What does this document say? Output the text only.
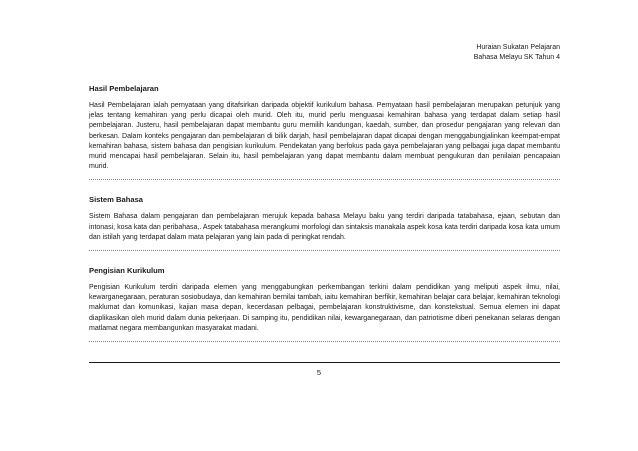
Huraian Sukatan Pelajaran
Bahasa Melayu SK Tahun 4
Hasil Pembelajaran

Hasil Pembelajaran ialah pernyataan yang ditafsirkan daripada objektif kurikulum bahasa. Pernyataan hasil pembelajaran merupakan petunjuk yang jelas tentang kemahiran yang perlu dicapai oleh murid. Oleh itu, murid perlu menguasai kemahiran bahasa yang terdapat dalam setiap hasil pembelajaran. Justeru, hasil pembelajaran dapat membantu guru memilih kandungan, kaedah, sumber, dan prosedur pengajaran yang relevan dan berkesan. Dalam konteks pengajaran dan pembelajaran di bilik darjah, hasil pembelajaran dapat dicapai dengan menggabungjalinkan keempat-empat kemahiran bahasa, sistem bahasa dan pengisian kurikulum. Pendekatan yang berfokus pada gaya pembelajaran yang pelbagai juga dapat membantu murid mencapai hasil pembelajaran. Selain itu, hasil pembelajaran yang dapat membantu dalam membuat pengukuran dan penilaian pencapaian murid.

Sistem Bahasa

Sistem Bahasa dalam pengajaran dan pembelajaran merujuk kepada bahasa Melayu baku yang terdiri daripada tatabahasa, ejaan, sebutan dan intonasi, kosa kata dan peribahasa,. Aspek tatabahasa merangkumi morfologi dan sintaksis manakala aspek kosa kata terdiri daripada kosa kata umum dan istilah yang terdapat dalam mata pelajaran yang lain pada di peringkat rendah.

Pengisian Kurikulum

Pengisian Kurikulum terdiri daripada elemen yang menggabungkan perkembangan terkini dalam pendidikan yang meliputi aspek ilmu, nilai, kewarganegaraan, peraturan sosiobudaya, dan kemahiran bernilai tambah, iaitu kemahiran berfikir, kemahiran belajar cara belajar, kemahiran teknologi maklumat dan komunikasi, kajian masa depan, kecerdasan pelbagai, pembelajaran konstruktivisme, dan konstekstual. Semua elemen ini dapat diaplikasikan oleh murid dalam dunia pekerjaan. Di samping itu, pendidikan nilai, kewarganegaraan, dan patriotisme diberi penekanan selaras dengan matlamat negara membangunkan masyarakat madani.

5
